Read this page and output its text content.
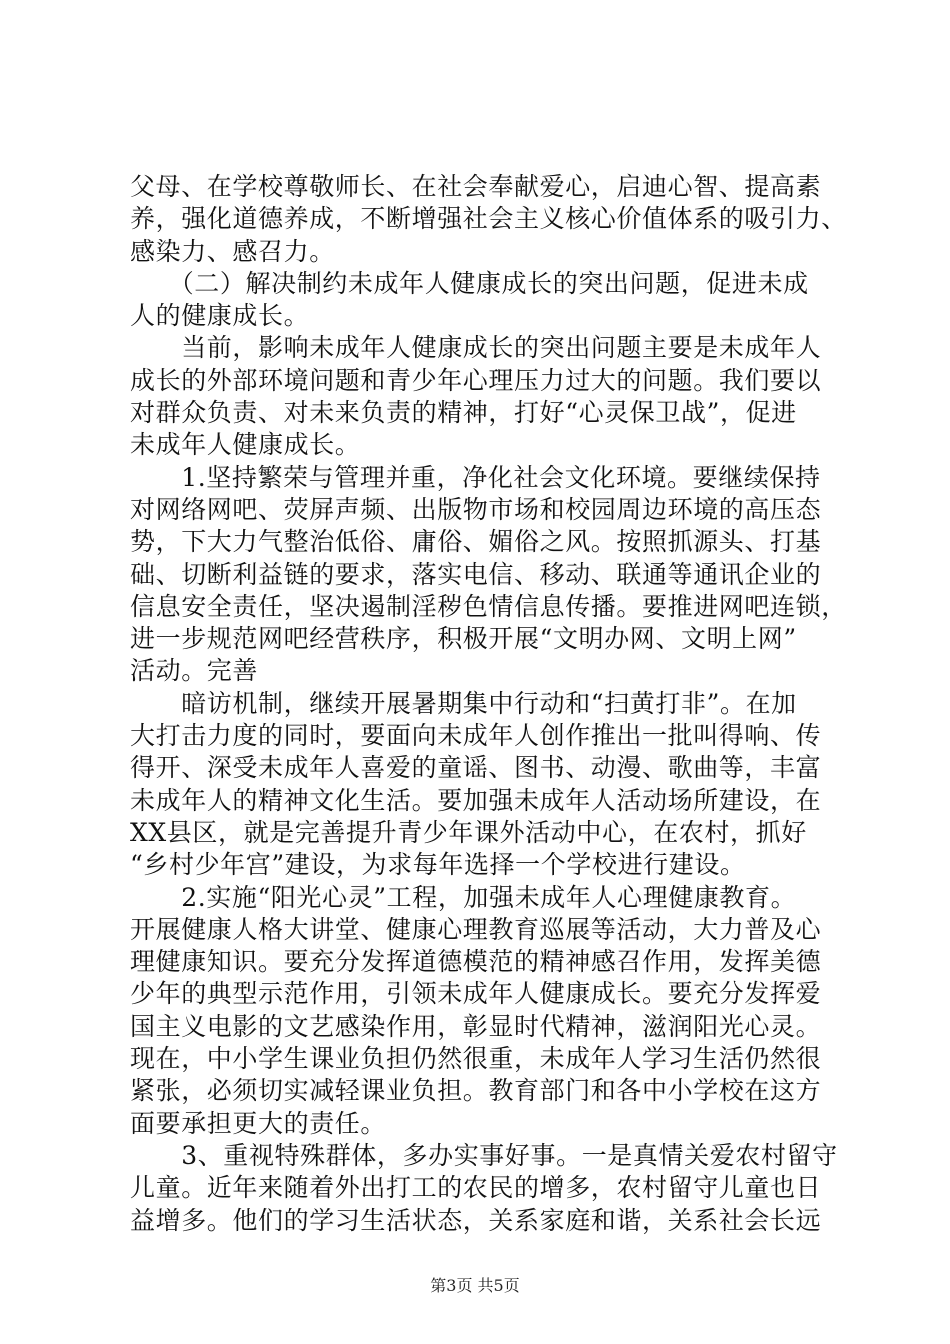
父母、在学校尊敬师长、在社会奉献爱心，启迪心智、提高素
养，强化道德养成，不断增强社会主义核心价值体系的吸引力、
感染力、感召力。
　　（二）解决制约未成年人健康成长的突出问题，促进未成
人的健康成长。
　　当前，影响未成年人健康成长的突出问题主要是未成年人
成长的外部环境问题和青少年心理压力过大的问题。我们要以
对群众负责、对未来负责的精神，打好“心灵保卫战”，促进
未成年人健康成长。
　　1.坚持繁荣与管理并重，净化社会文化环境。要继续保持
对网络网吧、荧屏声频、出版物市场和校园周边环境的高压态
势，下大力气整治低俗、庸俗、媚俗之风。按照抓源头、打基
础、切断利益链的要求，落实电信、移动、联通等通讯企业的
信息安全责任，坚决遏制淫秽色情信息传播。要推进网吧连锁，
进一步规范网吧经营秩序，积极开展“文明办网、文明上网”
活动。完善
　　暗访机制，继续开展暑期集中行动和“扫黄打非”。在加
大打击力度的同时，要面向未成年人创作推出一批叫得响、传
得开、深受未成年人喜爱的童谣、图书、动漫、歌曲等，丰富
未成年人的精神文化生活。要加强未成年人活动场所建设，在
XX县区，就是完善提升青少年课外活动中心，在农村，抓好
“乡村少年宫”建设，为求每年选择一个学校进行建设。
　　2.实施“阳光心灵”工程，加强未成年人心理健康教育。
开展健康人格大讲堂、健康心理教育巡展等活动，大力普及心
理健康知识。要充分发挥道德模范的精神感召作用，发挥美德
少年的典型示范作用，引领未成年人健康成长。要充分发挥爱
国主义电影的文艺感染作用，彰显时代精神，滋润阳光心灵。
现在，中小学生课业负担仍然很重，未成年人学习生活仍然很
紧张，必须切实减轻课业负担。教育部门和各中小学校在这方
面要承担更大的责任。
　　3、重视特殊群体，多办实事好事。一是真情关爱农村留守
儿童。近年来随着外出打工的农民的增多，农村留守儿童也日
益增多。他们的学习生活状态，关系家庭和谐，关系社会长远
第3页 共5页
